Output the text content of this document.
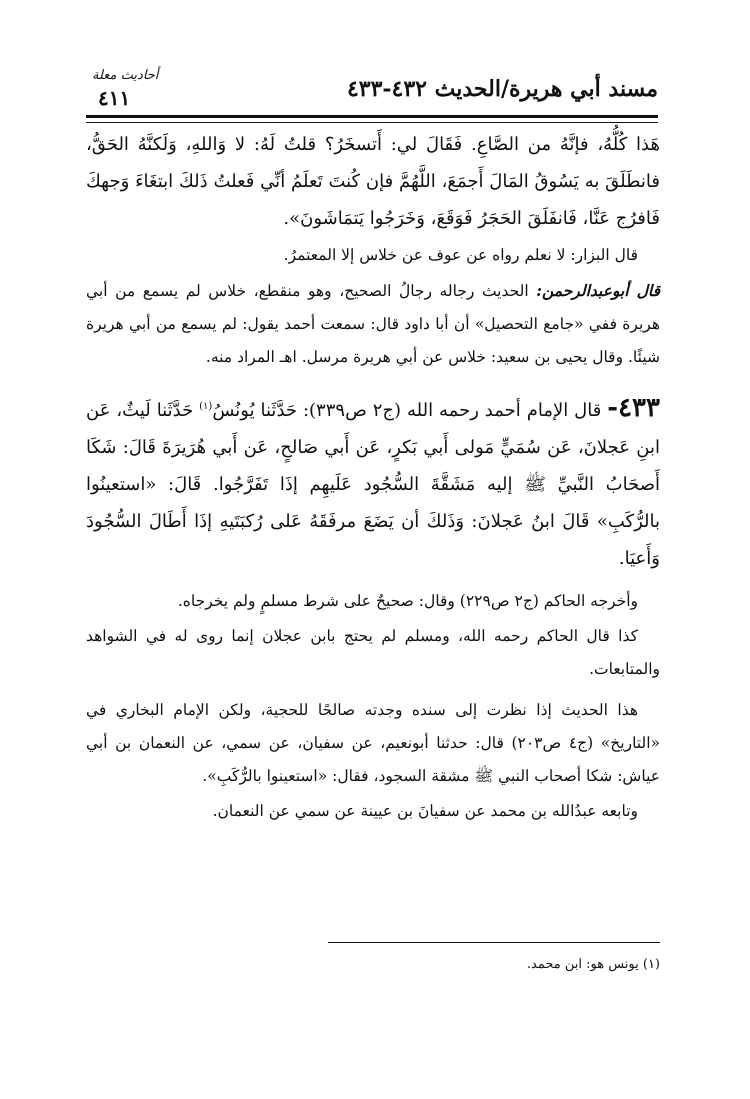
مسند أبي هريرة/الحديث ٤٣٢-٤٣٣
أحاديث معلة
٤١١

هَذا كُلُّهُ، فإنَّهُ من الصَّاعِ. فَقَالَ لي: أَتسخَرُ؟ قلتُ لَهُ: لا وَاللهِ، وَلَكنَّهُ الحَقُّ، فانطَلَقَ به يَسُوقُ المَالَ أَجمَعَ، اللَّهُمَّ فإن كُنتَ تَعلَمُ أنِّي فَعلتُ ذَلكَ ابتغَاءَ وَجهكَ فَافرُج عَنَّا، فَانفَلَقَ الحَجَرُ فَوَقَعَ، وَخَرَجُوا يَتمَاشَونَ».

قال البزار: لا نعلم رواه عن عوف عن خلاس إلا المعتمرُ.

قال أبوعبدالرحمن: الحديث رجاله رجالُ الصحيح، وهو منقطع، خلاس لم يسمع من أبي هريرة ففي «جامع التحصيل» أن أبا داود قال: سمعت أحمد يقول: لم يسمع من أبي هريرة شيئًا. وقال يحيى بن سعيد: خلاس عن أبي هريرة مرسل. اهـ المراد منه.

٤٣٣- قال الإمام أحمد رحمه الله (ج٢ ص٣٣٩): حَدَّثَنا يُونُسُ$^{(١)}$ حَدَّثَنا لَيثٌ، عَن ابنِ عَجلانَ، عَن سُمَيٍّ مَولى أَبي بَكرٍ، عَن أَبي صَالحٍ، عَن أَبي هُرَيرَةَ قَالَ: شَكَا أَصحَابُ النَّبيِّ ﷺ إليه مَشَقَّةَ السُّجُود عَلَيهِم إذَا تَفَرَّجُوا. قَالَ: «استعينُوا بالرُّكَبِ» قَالَ ابنُ عَجلانَ: وَذَلكَ أن يَضَعَ مرفَقَهُ عَلى رُكبَتَيهِ إذَا أَطَالَ السُّجُودَ وَأَعيَا.

وأخرجه الحاكم (ج٢ ص٢٢٩) وقال: صحيحٌ على شرط مسلمٍ ولم يخرجاه.

كذا قال الحاكم رحمه الله، ومسلم لم يحتج بابن عجلان إنما روى له في الشواهد والمتابعات.

هذا الحديث إذا نظرت إلى سنده وجدته صالحًا للحجية، ولكن الإمام البخاري في «التاريخ» (ج٤ ص٢٠٣) قال: حدثنا أبونعيم، عن سفيان، عن سمي، عن النعمان بن أبي عياش: شكا أصحاب النبي ﷺ مشقة السجود، فقال: «استعينوا بالرُّكَبِ».

وتابعه عبدُالله بن محمد عن سفيانَ بن عيينة عن سمي عن النعمان.

(١) يونس هو: ابن محمد.
